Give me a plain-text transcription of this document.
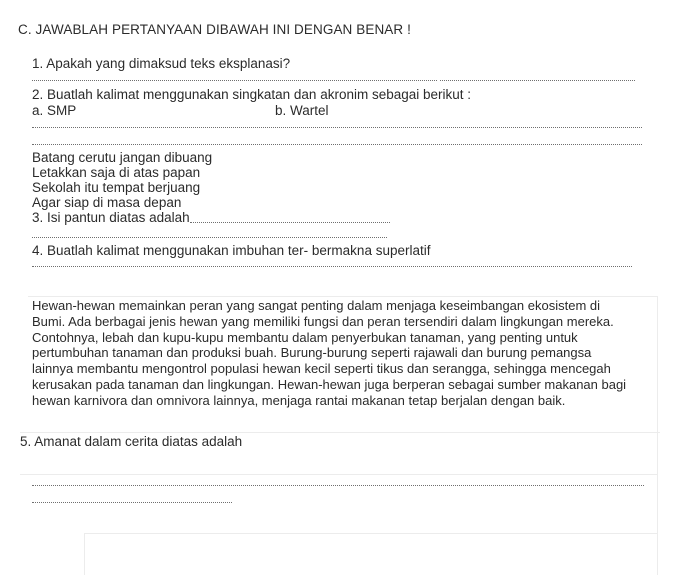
C. JAWABLAH PERTANYAAN DIBAWAH INI DENGAN BENAR !
1. Apakah yang dimaksud teks eksplanasi?
2. Buatlah kalimat menggunakan singkatan dan akronim sebagai berikut :
a. SMP	b. Wartel
Batang cerutu jangan dibuang
Letakkan saja di atas papan
Sekolah itu tempat berjuang
Agar siap di masa depan
3. Isi pantun diatas adalah
4. Buatlah kalimat menggunakan imbuhan ter- bermakna superlatif
Hewan-hewan memainkan peran yang sangat penting dalam menjaga keseimbangan ekosistem di
Bumi. Ada berbagai jenis hewan yang memiliki fungsi dan peran tersendiri dalam lingkungan mereka.
Contohnya, lebah dan kupu-kupu membantu dalam penyerbukan tanaman, yang penting untuk
pertumbuhan tanaman dan produksi buah. Burung-burung seperti rajawali dan burung pemangsa
lainnya membantu mengontrol populasi hewan kecil seperti tikus dan serangga, sehingga mencegah
kerusakan pada tanaman dan lingkungan. Hewan-hewan juga berperan sebagai sumber makanan bagi
hewan karnivora dan omnivora lainnya, menjaga rantai makanan tetap berjalan dengan baik.
5. Amanat dalam cerita diatas adalah
